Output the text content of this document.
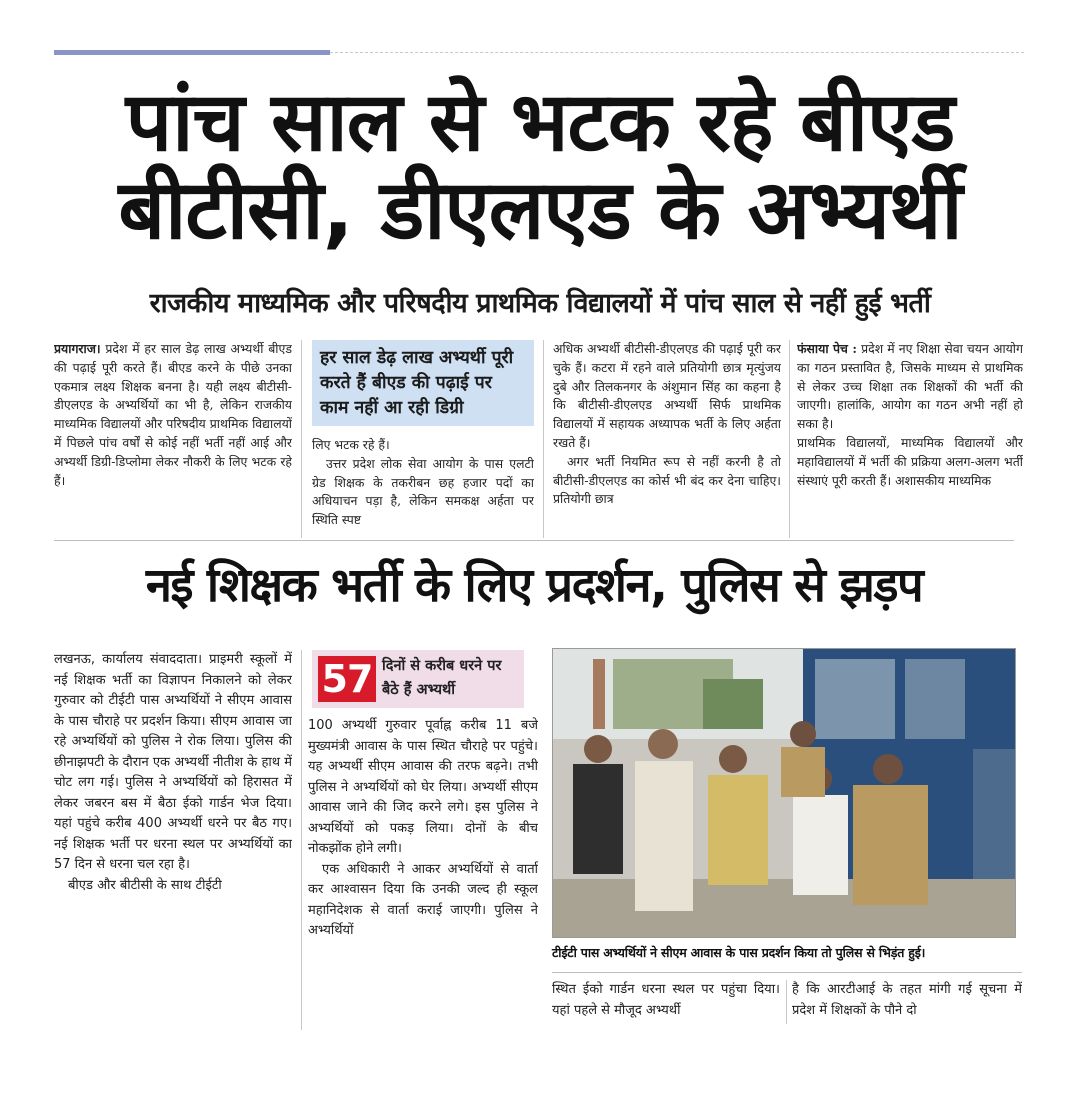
पांच साल से भटक रहे बीएड
बीटीसी, डीएलएड के अभ्यर्थी
राजकीय माध्यमिक और परिषदीय प्राथमिक विद्यालयों में पांच साल से नहीं हुई भर्ती

प्रयागराज। प्रदेश में हर साल डेढ़ लाख अभ्यर्थी बीएड की पढ़ाई पूरी करते हैं। बीएड करने के पीछे उनका एकमात्र लक्ष्य शिक्षक बनना है। यही लक्ष्य बीटीसी-डीएलएड के अभ्यर्थियों का भी है, लेकिन राजकीय माध्यमिक विद्यालयों और परिषदीय प्राथमिक विद्यालयों में पिछले पांच वर्षों से कोई नहीं भर्ती नहीं आई और अभ्यर्थी डिग्री-डिप्लोमा लेकर नौकरी के लिए भटक रहे हैं।

हर साल डेढ़ लाख अभ्यर्थी पूरी करते हैं बीएड की पढ़ाई पर काम नहीं आ रही डिग्री

लिए भटक रहे हैं।

उत्तर प्रदेश लोक सेवा आयोग के पास एलटी ग्रेड शिक्षक के तकरीबन छह हजार पदों का अधियाचन पड़ा है, लेकिन समकक्ष अर्हता पर स्थिति स्पष्ट

अधिक अभ्यर्थी बीटीसी-डीएलएड की पढ़ाई पूरी कर चुके हैं। कटरा में रहने वाले प्रतियोगी छात्र मृत्युंजय दुबे और तिलकनगर के अंशुमान सिंह का कहना है कि बीटीसी-डीएलएड अभ्यर्थी सिर्फ प्राथमिक विद्यालयों में सहायक अध्यापक भर्ती के लिए अर्हता रखते हैं।

अगर भर्ती नियमित रूप से नहीं करनी है तो बीटीसी-डीएलएड का कोर्स भी बंद कर देना चाहिए। प्रतियोगी छात्र

फंसाया पेच : प्रदेश में नए शिक्षा सेवा चयन आयोग का गठन प्रस्तावित है, जिसके माध्यम से प्राथमिक से लेकर उच्च शिक्षा तक शिक्षकों की भर्ती की जाएगी। हालांकि, आयोग का गठन अभी नहीं हो सका है।

प्राथमिक विद्यालयों, माध्यमिक विद्यालयों और महाविद्यालयों में भर्ती की प्रक्रिया अलग-अलग भर्ती संस्थाएं पूरी करती हैं। अशासकीय माध्यमिक

नई शिक्षक भर्ती के लिए प्रदर्शन, पुलिस से झड़प

लखनऊ, कार्यालय संवाददाता। प्राइमरी स्कूलों में नई शिक्षक भर्ती का विज्ञापन निकालने को लेकर गुरुवार को टीईटी पास अभ्यर्थियों ने सीएम आवास के पास चौराहे पर प्रदर्शन किया। सीएम आवास जा रहे अभ्यर्थियों को पुलिस ने रोक लिया। पुलिस की छीनाझपटी के दौरान एक अभ्यर्थी नीतीश के हाथ में चोट लग गई। पुलिस ने अभ्यर्थियों को हिरासत में लेकर जबरन बस में बैठा ईको गार्डन भेज दिया। यहां पहुंचे करीब 400 अभ्यर्थी धरने पर बैठ गए। नई शिक्षक भर्ती पर धरना स्थल पर अभ्यर्थियों का 57 दिन से धरना चल रहा है।

बीएड और बीटीसी के साथ टीईटी

57 दिनों से करीब धरने पर बैठे हैं अभ्यर्थी

100 अभ्यर्थी गुरुवार पूर्वाह्न करीब 11 बजे मुख्यमंत्री आवास के पास स्थित चौराहे पर पहुंचे। यह अभ्यर्थी सीएम आवास की तरफ बढ़ने। तभी पुलिस ने अभ्यर्थियों को घेर लिया। अभ्यर्थी सीएम आवास जाने की जिद करने लगे। इस पुलिस ने अभ्यर्थियों को पकड़ लिया। दोनों के बीच नोकझोंक होने लगी।

एक अधिकारी ने आकर अभ्यर्थियों से वार्ता कर आश्वासन दिया कि उनकी जल्द ही स्कूल महानिदेशक से वार्ता कराई जाएगी। पुलिस ने अभ्यर्थियों

टीईटी पास अभ्यर्थियों ने सीएम आवास के पास प्रदर्शन किया तो पुलिस से भिड़ंत हुई।

स्थित ईको गार्डन धरना स्थल पर पहुंचा दिया। यहां पहले से मौजूद अभ्यर्थी

है कि आरटीआई के तहत मांगी गई सूचना में प्रदेश में शिक्षकों के पौने दो
